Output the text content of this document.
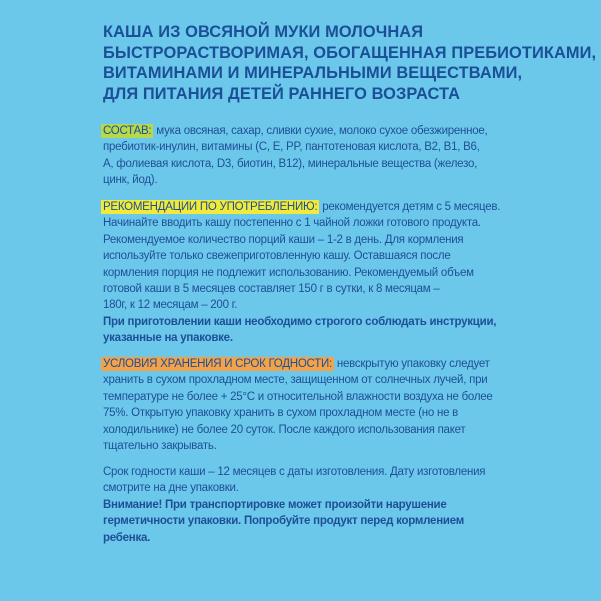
КАША ИЗ ОВСЯНОЙ МУКИ МОЛОЧНАЯ
БЫСТРОРАСТВОРИМАЯ, ОБОГАЩЕННАЯ ПРЕБИОТИКАМИ,
ВИТАМИНАМИ И МИНЕРАЛЬНЫМИ ВЕЩЕСТВАМИ,
ДЛЯ ПИТАНИЯ ДЕТЕЙ РАННЕГО ВОЗРАСТА
СОСТАВ: мука овсяная, сахар, сливки сухие, молоко сухое обезжиренное,
пребиотик-инулин, витамины (С, Е, PP, пантотеновая кислота, В2, В1, В6,
А, фолиевая кислота, D3, биотин, В12), минеральные вещества (железо,
цинк, йод).
РЕКОМЕНДАЦИИ ПО УПОТРЕБЛЕНИЮ: рекомендуется детям с 5 месяцев.
Начинайте вводить кашу постепенно с 1 чайной ложки готового продукта.
Рекомендуемое количество порций каши – 1-2 в день. Для кормления
используйте только свежеприготовленную кашу. Оставшаяся после
кормления порция не подлежит использованию. Рекомендуемый объем
готовой каши в 5 месяцев составляет 150 г в сутки, к 8 месяцам –
180г, к 12 месяцам – 200 г.
При приготовлении каши необходимо строгого соблюдать инструкции,
указанные на упаковке.
УСЛОВИЯ ХРАНЕНИЯ И СРОК ГОДНОСТИ: невскрытую упаковку следует
хранить в сухом прохладном месте, защищенном от солнечных лучей, при
температуре не более + 25°С и относительной влажности воздуха не более
75%. Открытую упаковку хранить в сухом прохладном месте (но не в
холодильнике) не более 20 суток. После каждого использования пакет
тщательно закрывать.
Срок годности каши – 12 месяцев с даты изготовления. Дату изготовления
смотрите на дне упаковки.
Внимание! При транспортировке может произойти нарушение
герметичности упаковки. Попробуйте продукт перед кормлением
ребенка.
